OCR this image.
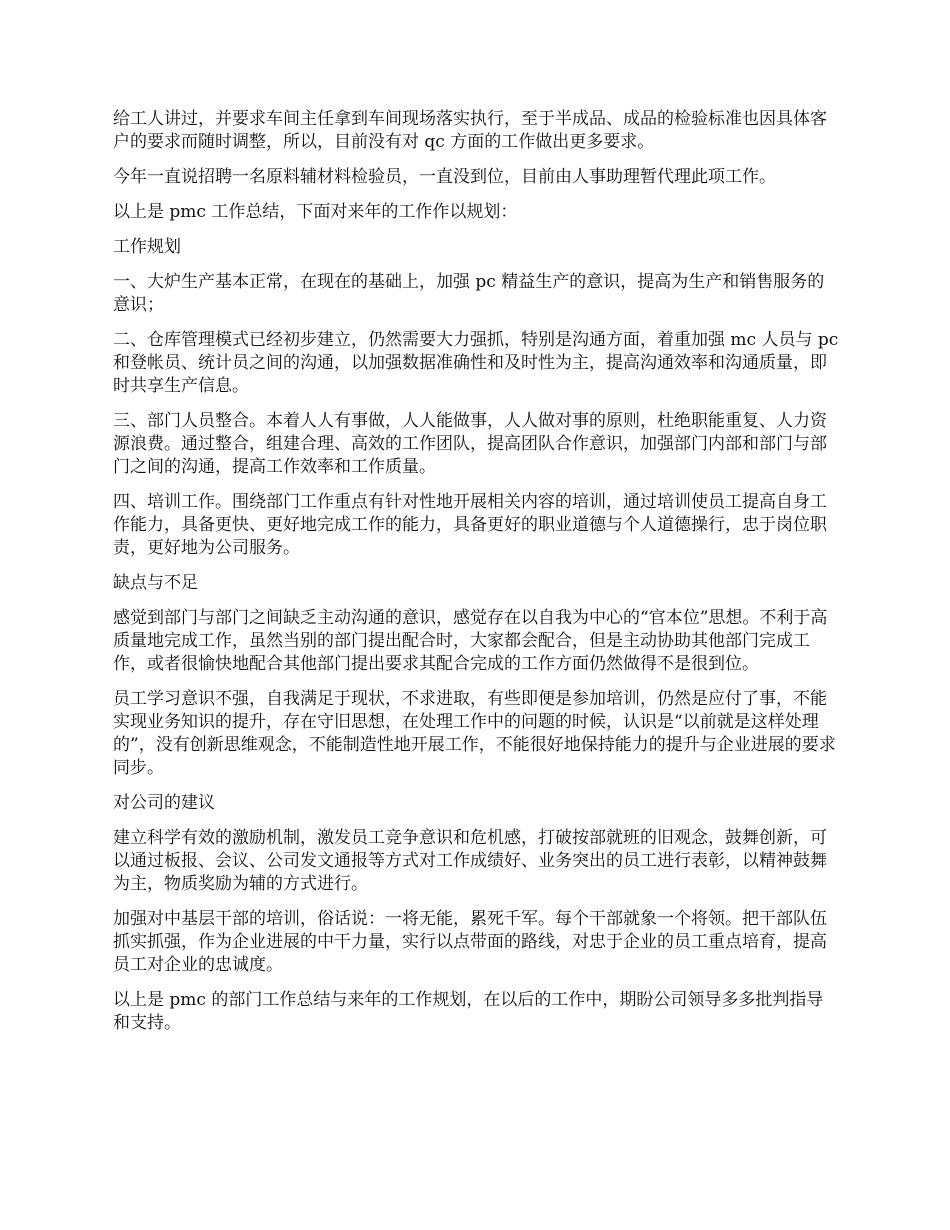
给工人讲过，并要求车间主任拿到车间现场落实执行，至于半成品、成品的检验标准也因具体客户的要求而随时调整，所以，目前没有对 qc 方面的工作做出更多要求。

今年一直说招聘一名原料辅材料检验员，一直没到位，目前由人事助理暂代理此项工作。

以上是 pmc 工作总结，下面对来年的工作作以规划：

工作规划

一、大炉生产基本正常，在现在的基础上，加强 pc 精益生产的意识，提高为生产和销售服务的意识；

二、仓库管理模式已经初步建立，仍然需要大力强抓，特别是沟通方面，着重加强 mc 人员与 pc 和登帐员、统计员之间的沟通，以加强数据准确性和及时性为主，提高沟通效率和沟通质量，即时共享生产信息。

三、部门人员整合。本着人人有事做，人人能做事，人人做对事的原则，杜绝职能重复、人力资源浪费。通过整合，组建合理、高效的工作团队，提高团队合作意识，加强部门内部和部门与部门之间的沟通，提高工作效率和工作质量。

四、培训工作。围绕部门工作重点有针对性地开展相关内容的培训，通过培训使员工提高自身工作能力，具备更快、更好地完成工作的能力，具备更好的职业道德与个人道德操行，忠于岗位职责，更好地为公司服务。

缺点与不足

感觉到部门与部门之间缺乏主动沟通的意识，感觉存在以自我为中心的“官本位”思想。不利于高质量地完成工作，虽然当别的部门提出配合时，大家都会配合，但是主动协助其他部门完成工作，或者很愉快地配合其他部门提出要求其配合完成的工作方面仍然做得不是很到位。

员工学习意识不强，自我满足于现状，不求进取，有些即便是参加培训，仍然是应付了事，不能实现业务知识的提升，存在守旧思想，在处理工作中的问题的时候，认识是“以前就是这样处理的”，没有创新思维观念，不能制造性地开展工作，不能很好地保持能力的提升与企业进展的要求同步。

对公司的建议

建立科学有效的激励机制，激发员工竞争意识和危机感，打破按部就班的旧观念，鼓舞创新，可以通过板报、会议、公司发文通报等方式对工作成绩好、业务突出的员工进行表彰，以精神鼓舞为主，物质奖励为辅的方式进行。

加强对中基层干部的培训，俗话说：一将无能，累死千军。每个干部就象一个将领。把干部队伍抓实抓强，作为企业进展的中干力量，实行以点带面的路线，对忠于企业的员工重点培育，提高员工对企业的忠诚度。

以上是 pmc 的部门工作总结与来年的工作规划，在以后的工作中，期盼公司领导多多批判指导和支持。
